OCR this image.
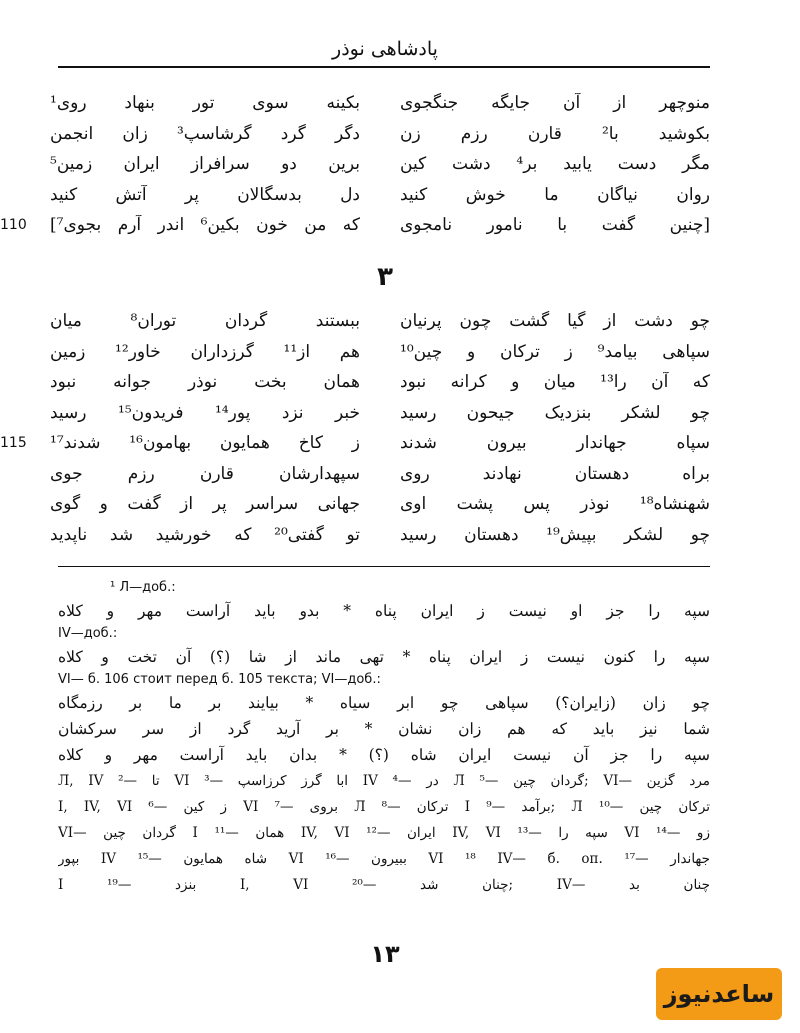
پادشاهی نوذر
منوچهر از آن جایگه جنگجوی
بکینه سوی تور بنهاد روی¹
بکوشید با² قارن رزم زن
دگر گرد گرشاسپ³ زان انجمن
مگر دست یابید بر⁴ دشت کین
برین دو سرافراز ایران زمین⁵
روان نیاگان ما خوش کنید
دل بدسگالان پر آتش کنید
[چنین گفت با نامور نامجوی
که من خون بکین⁶ اندر آرم بجوی⁷]
110
۳
چو دشت از گیا گشت چون پرنیان
ببستند گردان توران⁸ میان
سپاهی بیامد⁹ ز ترکان و چین¹⁰
هم از¹¹ گرزداران خاور¹² زمین
که آن را¹³ میان و کرانه نبود
همان بخت نوذر جوانه نبود
چو لشکر بنزدیک جیحون رسید
خبر نزد پور¹⁴ فریدون¹⁵ رسید
سپاه جهاندار بیرون شدند
ز کاخ همایون بهامون¹⁶ شدند¹⁷
115
براه دهستان نهادند روی
سپهدارشان قارن رزم جوی
شهنشاه¹⁸ نوذر پس پشت اوی
جهانی سراسر پر از گفت و گوی
چو لشکر بپیش¹⁹ دهستان رسید
تو گفتی²⁰ که خورشید شد ناپدید
¹ Л—доб.:
سپه را جز او نیست ز ایران پناه * بدو باید آراست مهر و کلاه
IV—доб.:
سپه را کنون نیست ز ایران پناه * تهی ماند از شا (؟) آن تخت و کلاه
VI— б. 106 стоит перед б. 105 текста; VI—доб.:
چو زان (زایران؟) سپاهی چو ابر سیاه * بیایند بر ما بر رزمگاه
شما نیز باید که هم زان نشان * بر آرید گرد از سر سرکشان
سپه را جز آن نیست ایران شاه (؟) * بدان باید آراست مهر و کلاه
مرد گزین —VI ;گردان چین —Л ⁵ در —IV ⁴ ابا گرز کرزاسپ —VI ³ تا —Л, IV ²
ترکان چین —Л ¹⁰ ;برآمد —I ⁹ ترکان —Л ⁸ بروی —VI ⁷ ز کین —I, IV, VI ⁶
زو —VI ¹⁴ سپه را —IV, VI ¹³ ایران —IV, VI ¹² همان —I ¹¹ گردان چین —VI
جهاندار —VI ¹⁸ IV— б. оп. ¹⁷ ببیرون —VI ¹⁶ شاه همایون —IV ¹⁵ بپور
چنان بد —IV ;چنان شد —I, VI ²⁰ بنزد —I ¹⁹
۱۳
ساعدنیوز
